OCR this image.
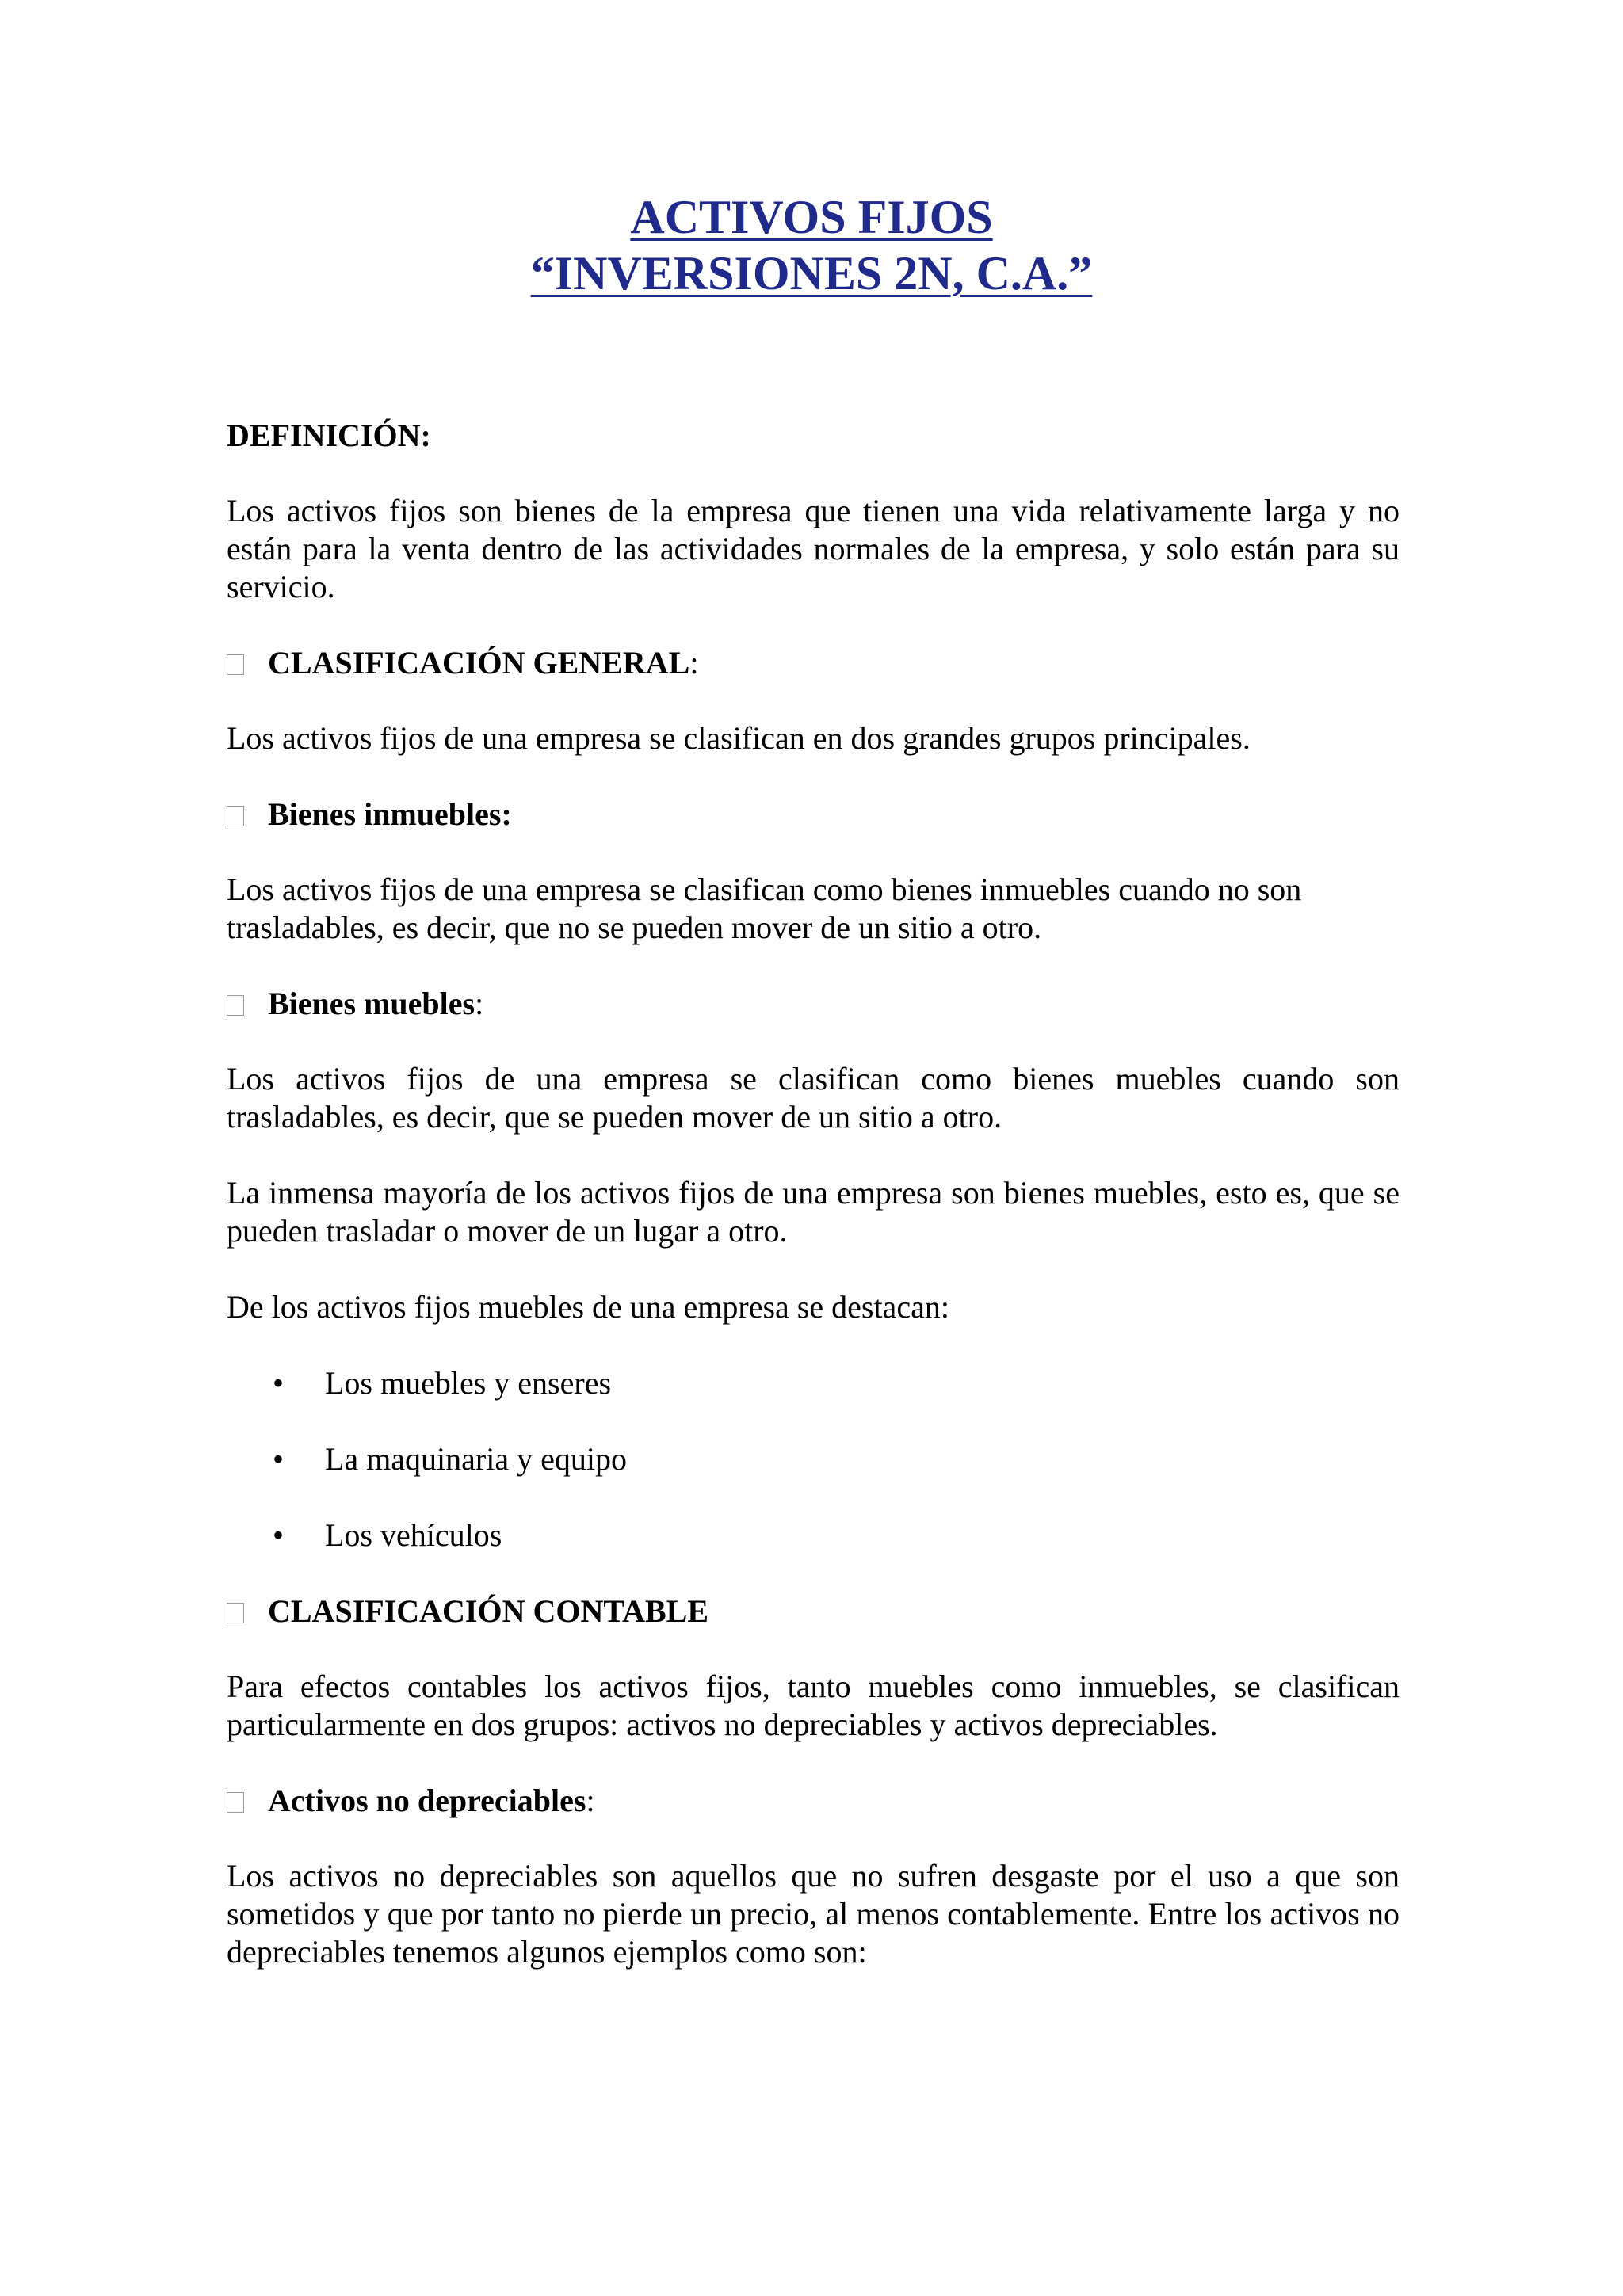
ACTIVOS FIJOS
“INVERSIONES 2N, C.A.”
DEFINICIÓN:

Los activos fijos son bienes de la empresa que tienen una vida relativamente larga y no están para la venta dentro de las actividades normales de la empresa, y solo están para su servicio.

CLASIFICACIÓN GENERAL:

Los activos fijos de una empresa se clasifican en dos grandes grupos principales.

Bienes inmuebles:

Los activos fijos de una empresa se clasifican como bienes inmuebles cuando no son trasladables, es decir, que no se pueden mover de un sitio a otro.

Bienes muebles:

Los activos fijos de una empresa se clasifican como bienes muebles cuando son trasladables, es decir, que se pueden mover de un sitio a otro.

La inmensa mayoría de los activos fijos de una empresa son bienes muebles, esto es, que se pueden trasladar o mover de un lugar a otro.

De los activos fijos muebles de una empresa se destacan:

• Los muebles y enseres
• La maquinaria y equipo
• Los vehículos
CLASIFICACIÓN CONTABLE

Para efectos contables los activos fijos, tanto muebles como inmuebles, se clasifican particularmente en dos grupos: activos no depreciables y activos depreciables.

Activos no depreciables:

Los activos no depreciables son aquellos que no sufren desgaste por el uso a que son sometidos y que por tanto no pierde un precio, al menos contablemente. Entre los activos no depreciables tenemos algunos ejemplos como son:
